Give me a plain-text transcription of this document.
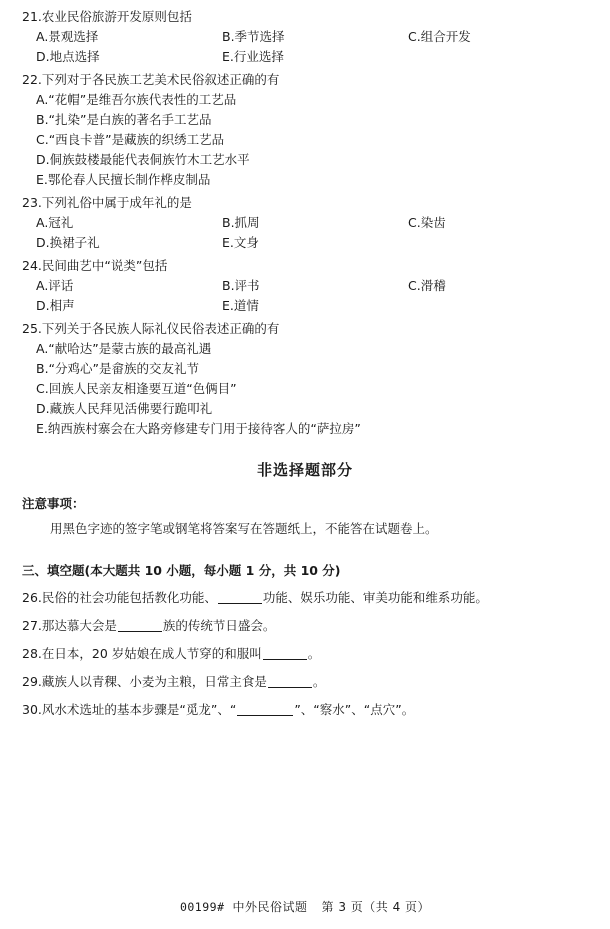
21.农业民俗旅游开发原则包括
A.景观选择	B.季节选择	C.组合开发
D.地点选择	E.行业选择
22.下列对于各民族工艺美术民俗叙述正确的有
A.“花帽”是维吾尔族代表性的工艺品
B.“扎染”是白族的著名手工艺品
C.“西良卡普”是藏族的织绣工艺品
D.侗族鼓楼最能代表侗族竹木工艺水平
E.鄂伦春人民擅长制作桦皮制品
23.下列礼俗中属于成年礼的是
A.冠礼	B.抓周	C.染齿
D.换裙子礼	E.文身
24.民间曲艺中“说类”包括
A.评话	B.评书	C.滑稽
D.相声	E.道情
25.下列关于各民族人际礼仪民俗表述正确的有
A.“献哈达”是蒙古族的最高礼遇
B.“分鸡心”是畲族的交友礼节
C.回族人民亲友相逢要互道“色俩目”
D.藏族人民拜见活佛要行跪叩礼
E.纳西族村寨会在大路旁修建专门用于接待客人的“萨拉房”
非选择题部分
注意事项：
用黑色字迹的签字笔或钢笔将答案写在答题纸上，不能答在试题卷上。
三、填空题(本大题共 10 小题，每小题 1 分，共 10 分)
26.民俗的社会功能包括教化功能、	功能、娱乐功能、审美功能和维系功能。
27.那达慕大会是	族的传统节日盛会。
28.在日本，20 岁姑娘在成人节穿的和服叫	。
29.藏族人以青稞、小麦为主粮，日常主食是	。
30.风水术选址的基本步骤是“觅龙”、“	”、“察水”、“点穴”。
00199# 中外民俗试题 第 3 页（共 4 页）
